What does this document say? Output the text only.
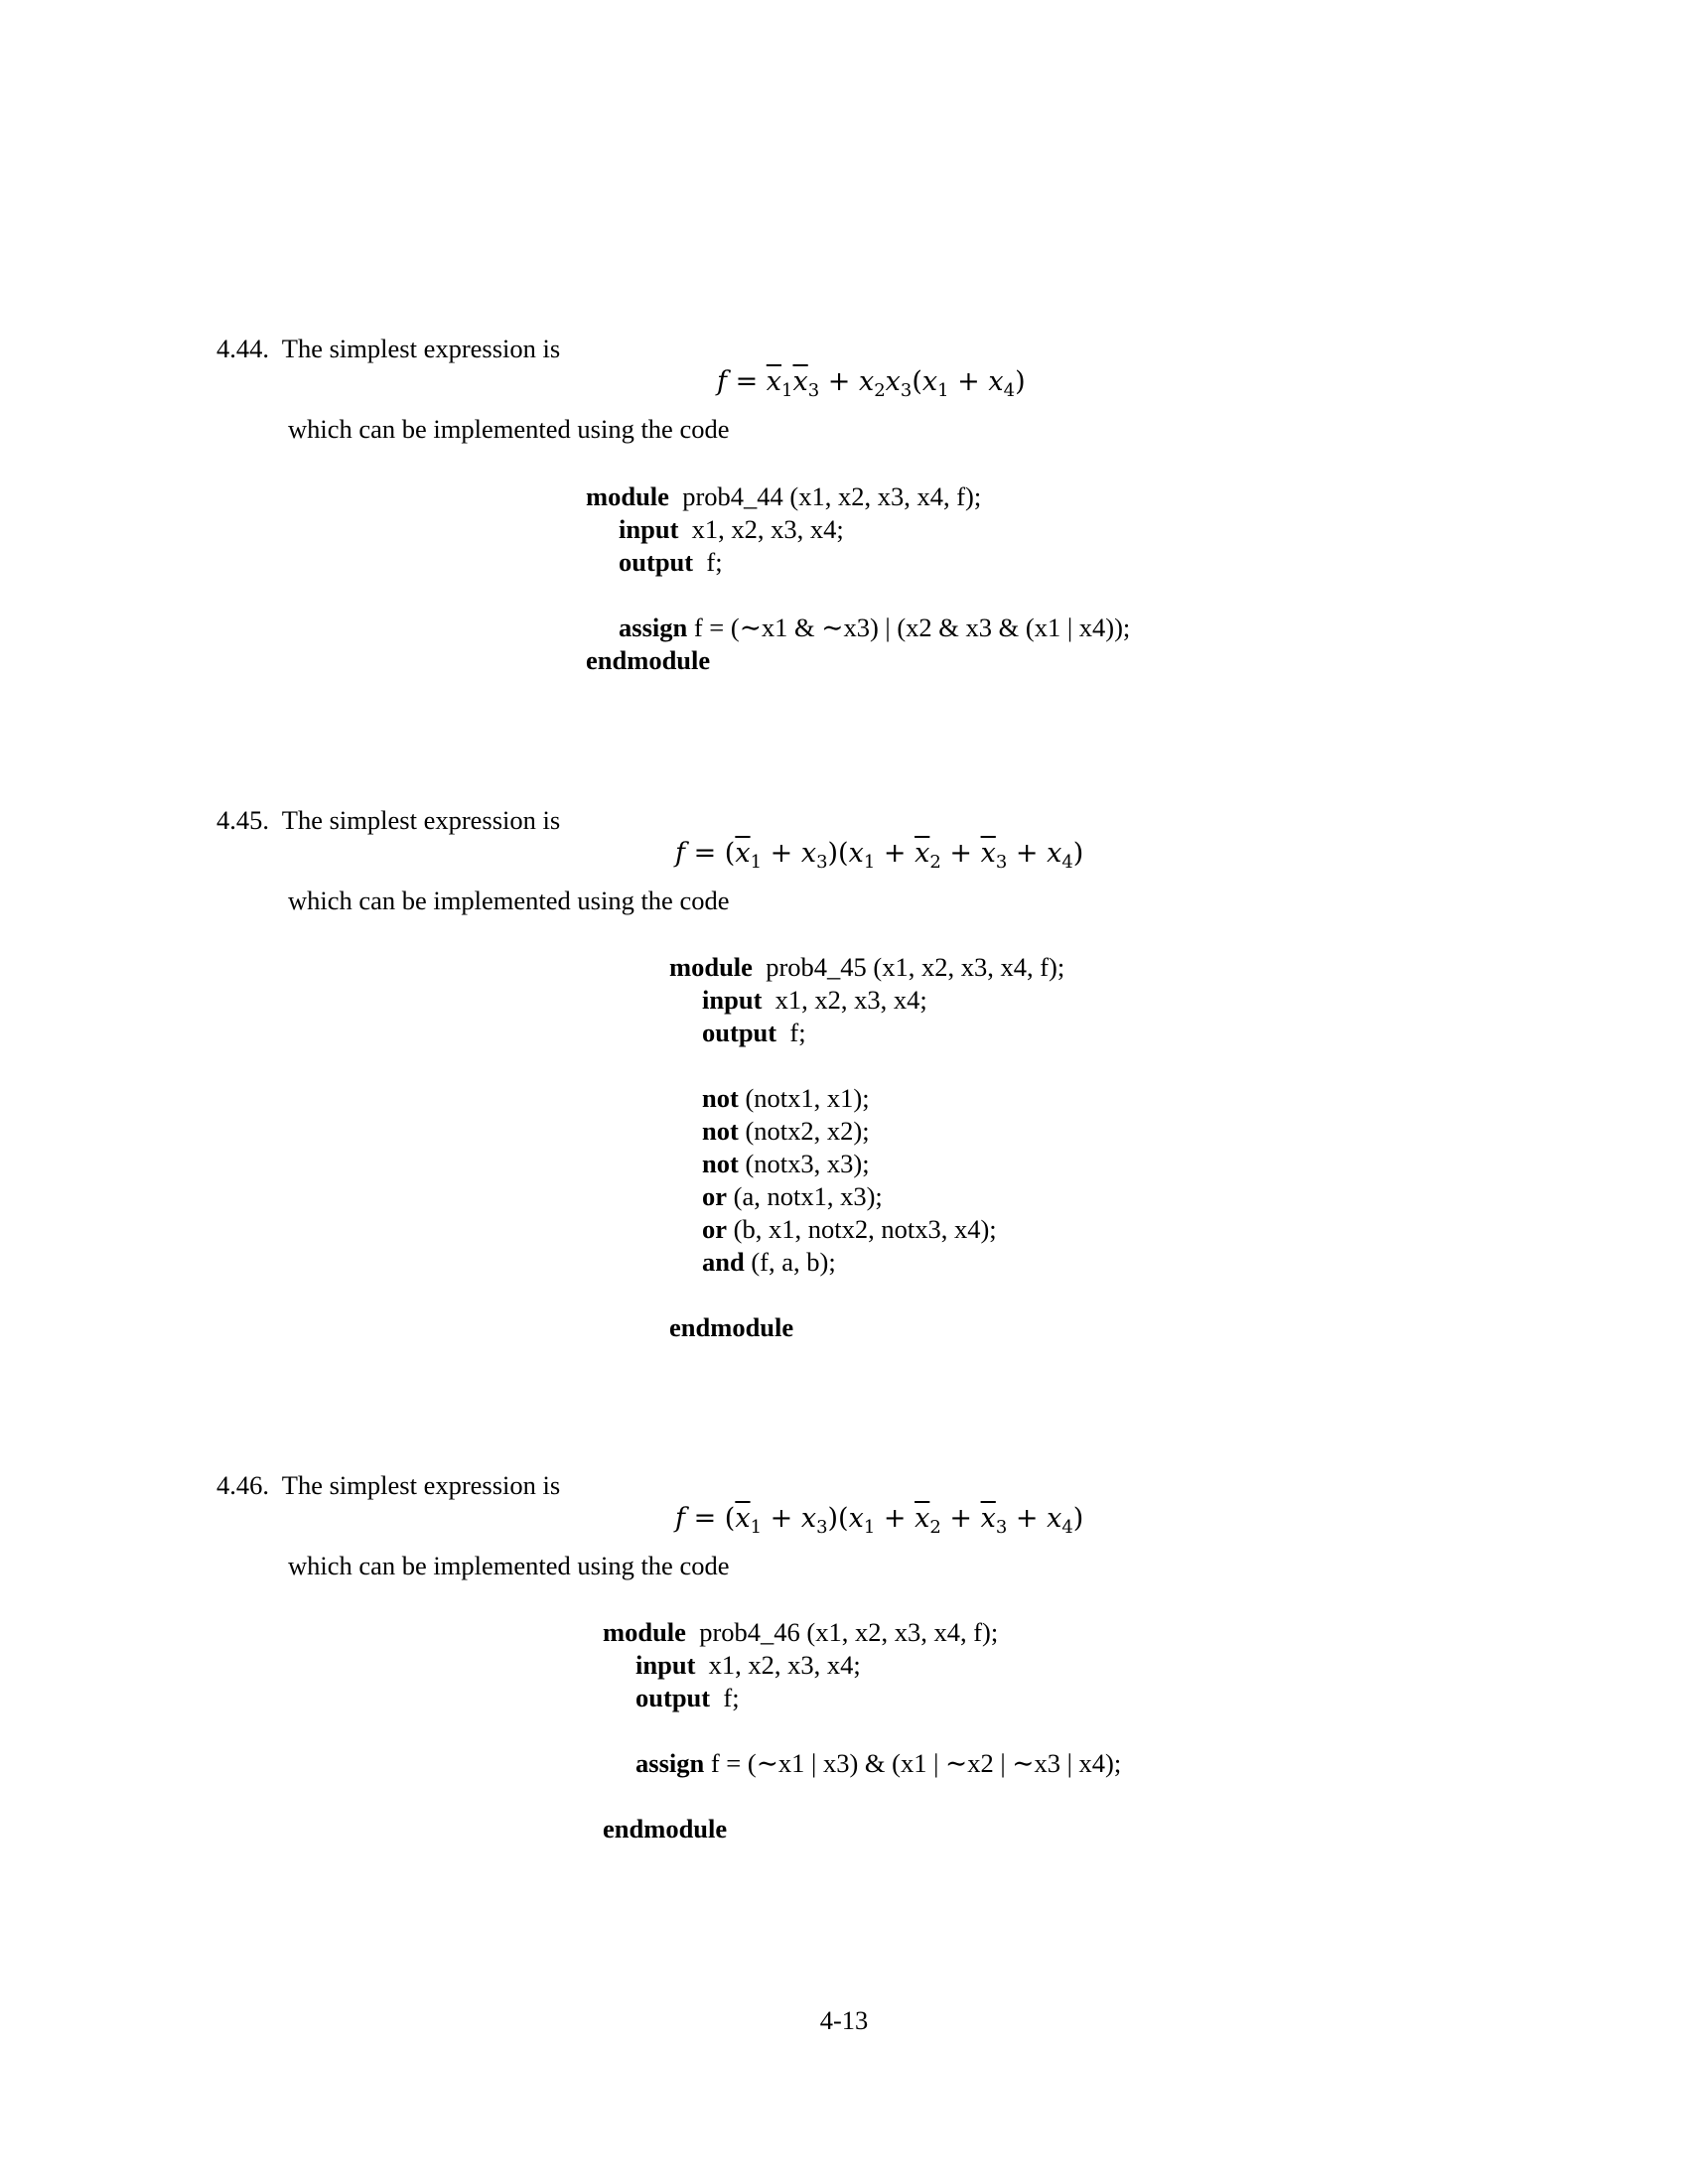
4.44. The simplest expression is
$f = \overline{x}_1\overline{x}_3 + x_2x_3(x_1 + x_4)$
which can be implemented using the code
module prob4_44 (x1, x2, x3, x4, f);
input x1, x2, x3, x4;
output f;
assign f = (∼x1 & ∼x3) | (x2 & x3 & (x1 | x4));
endmodule
4.45. The simplest expression is
$f = (\overline{x}_1 + x_3)(x_1 + \overline{x}_2 + \overline{x}_3 + x_4)$
which can be implemented using the code
module prob4_45 (x1, x2, x3, x4, f);
input x1, x2, x3, x4;
output f;
not (notx1, x1);
not (notx2, x2);
not (notx3, x3);
or (a, notx1, x3);
or (b, x1, notx2, notx3, x4);
and (f, a, b);
endmodule
4.46. The simplest expression is
$f = (\overline{x}_1 + x_3)(x_1 + \overline{x}_2 + \overline{x}_3 + x_4)$
which can be implemented using the code
module prob4_46 (x1, x2, x3, x4, f);
input x1, x2, x3, x4;
output f;
assign f = (∼x1 | x3) & (x1 | ∼x2 | ∼x3 | x4);
endmodule
4-13
